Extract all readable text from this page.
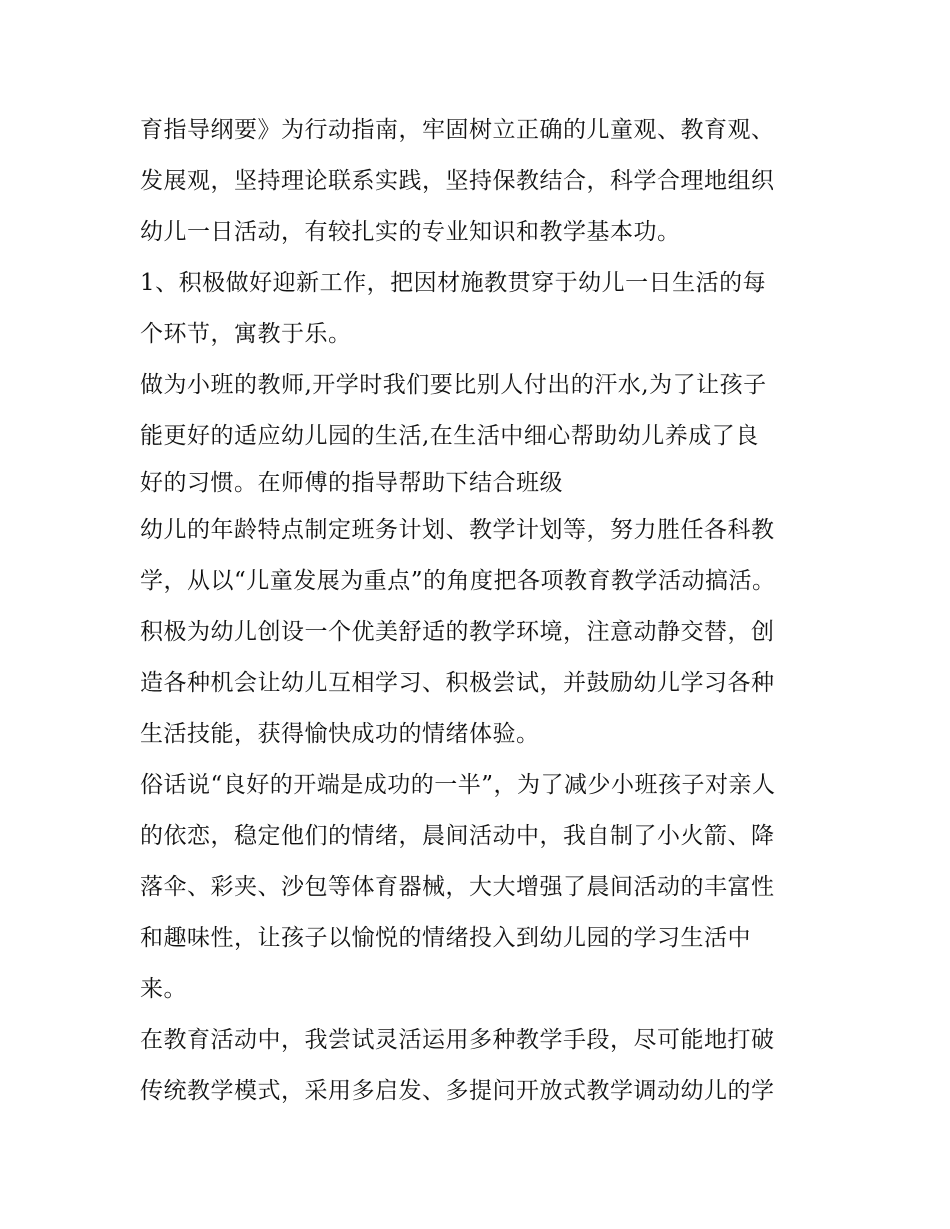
育指导纲要》为行动指南，牢固树立正确的儿童观、教育观、
发展观，坚持理论联系实践，坚持保教结合，科学合理地组织
幼儿一日活动，有较扎实的专业知识和教学基本功。
1、积极做好迎新工作，把因材施教贯穿于幼儿一日生活的每
个环节，寓教于乐。
做为小班的教师,开学时我们要比别人付出的汗水,为了让孩子
能更好的适应幼儿园的生活,在生活中细心帮助幼儿养成了良
好的习惯。在师傅的指导帮助下结合班级
幼儿的年龄特点制定班务计划、教学计划等，努力胜任各科教
学，从以“儿童发展为重点”的角度把各项教育教学活动搞活。
积极为幼儿创设一个优美舒适的教学环境，注意动静交替，创
造各种机会让幼儿互相学习、积极尝试，并鼓励幼儿学习各种
生活技能，获得愉快成功的情绪体验。
俗话说“良好的开端是成功的一半”，为了减少小班孩子对亲人
的依恋，稳定他们的情绪，晨间活动中，我自制了小火箭、降
落伞、彩夹、沙包等体育器械，大大增强了晨间活动的丰富性
和趣味性，让孩子以愉悦的情绪投入到幼儿园的学习生活中
来。
在教育活动中，我尝试灵活运用多种教学手段，尽可能地打破
传统教学模式，采用多启发、多提问开放式教学调动幼儿的学
